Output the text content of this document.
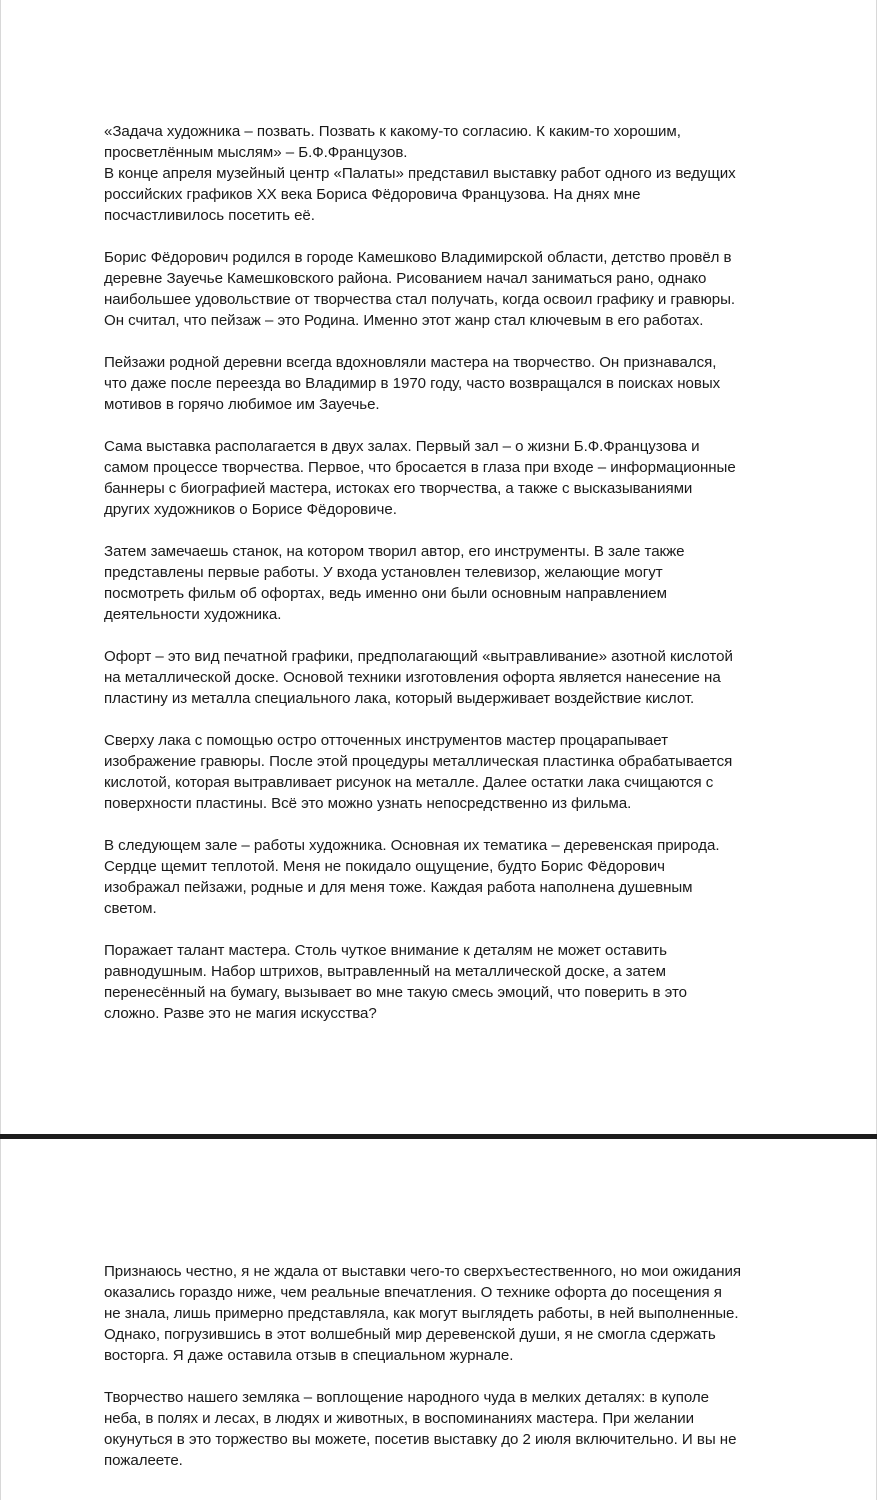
«Задача художника – позвать. Позвать к какому-то согласию. К каким-то хорошим,
просветлённым мыслям» – Б.Ф.Французов.
В конце апреля музейный центр «Палаты» представил выставку работ одного из ведущих
российских графиков XX века Бориса Фёдоровича Французова. На днях мне
посчастливилось посетить её.

Борис Фёдорович родился в городе Камешково Владимирской области, детство провёл в
деревне Зауечье Камешковского района. Рисованием начал заниматься рано, однако
наибольшее удовольствие от творчества стал получать, когда освоил графику и гравюры.
Он считал, что пейзаж – это Родина. Именно этот жанр стал ключевым в его работах.

Пейзажи родной деревни всегда вдохновляли мастера на творчество. Он признавался,
что даже после переезда во Владимир в 1970 году, часто возвращался в поисках новых
мотивов в горячо любимое им Зауечье.

Сама выставка располагается в двух залах. Первый зал – о жизни Б.Ф.Французова и
самом процессе творчества. Первое, что бросается в глаза при входе – информационные
баннеры с биографией мастера, истоках его творчества, а также с высказываниями
других художников о Борисе Фёдоровиче.

Затем замечаешь станок, на котором творил автор, его инструменты. В зале также
представлены первые работы. У входа установлен телевизор, желающие могут
посмотреть фильм об офортах, ведь именно они были основным направлением
деятельности художника.

Офорт – это вид печатной графики, предполагающий «вытравливание» азотной кислотой
на металлической доске. Основой техники изготовления офорта является нанесение на
пластину из металла специального лака, который выдерживает воздействие кислот.

Сверху лака с помощью остро отточенных инструментов мастер процарапывает
изображение гравюры. После этой процедуры металлическая пластинка обрабатывается
кислотой, которая вытравливает рисунок на металле. Далее остатки лака счищаются с
поверхности пластины. Всё это можно узнать непосредственно из фильма.

В следующем зале – работы художника. Основная их тематика – деревенская природа.
Сердце щемит теплотой. Меня не покидало ощущение, будто Борис Фёдорович
изображал пейзажи, родные и для меня тоже. Каждая работа наполнена душевным
светом.

Поражает талант мастера. Столь чуткое внимание к деталям не может оставить
равнодушным. Набор штрихов, вытравленный на металлической доске, а затем
перенесённый на бумагу, вызывает во мне такую смесь эмоций, что поверить в это
сложно. Разве это не магия искусства?

Признаюсь честно, я не ждала от выставки чего-то сверхъестественного, но мои ожидания
оказались гораздо ниже, чем реальные впечатления. О технике офорта до посещения я
не знала, лишь примерно представляла, как могут выглядеть работы, в ней выполненные.
Однако, погрузившись в этот волшебный мир деревенской души, я не смогла сдержать
восторга. Я даже оставила отзыв в специальном журнале.

Творчество нашего земляка – воплощение народного чуда в мелких деталях: в куполе
неба, в полях и лесах, в людях и животных, в воспоминаниях мастера. При желании
окунуться в это торжество вы можете, посетив выставку до 2 июля включительно. И вы не
пожалеете.
